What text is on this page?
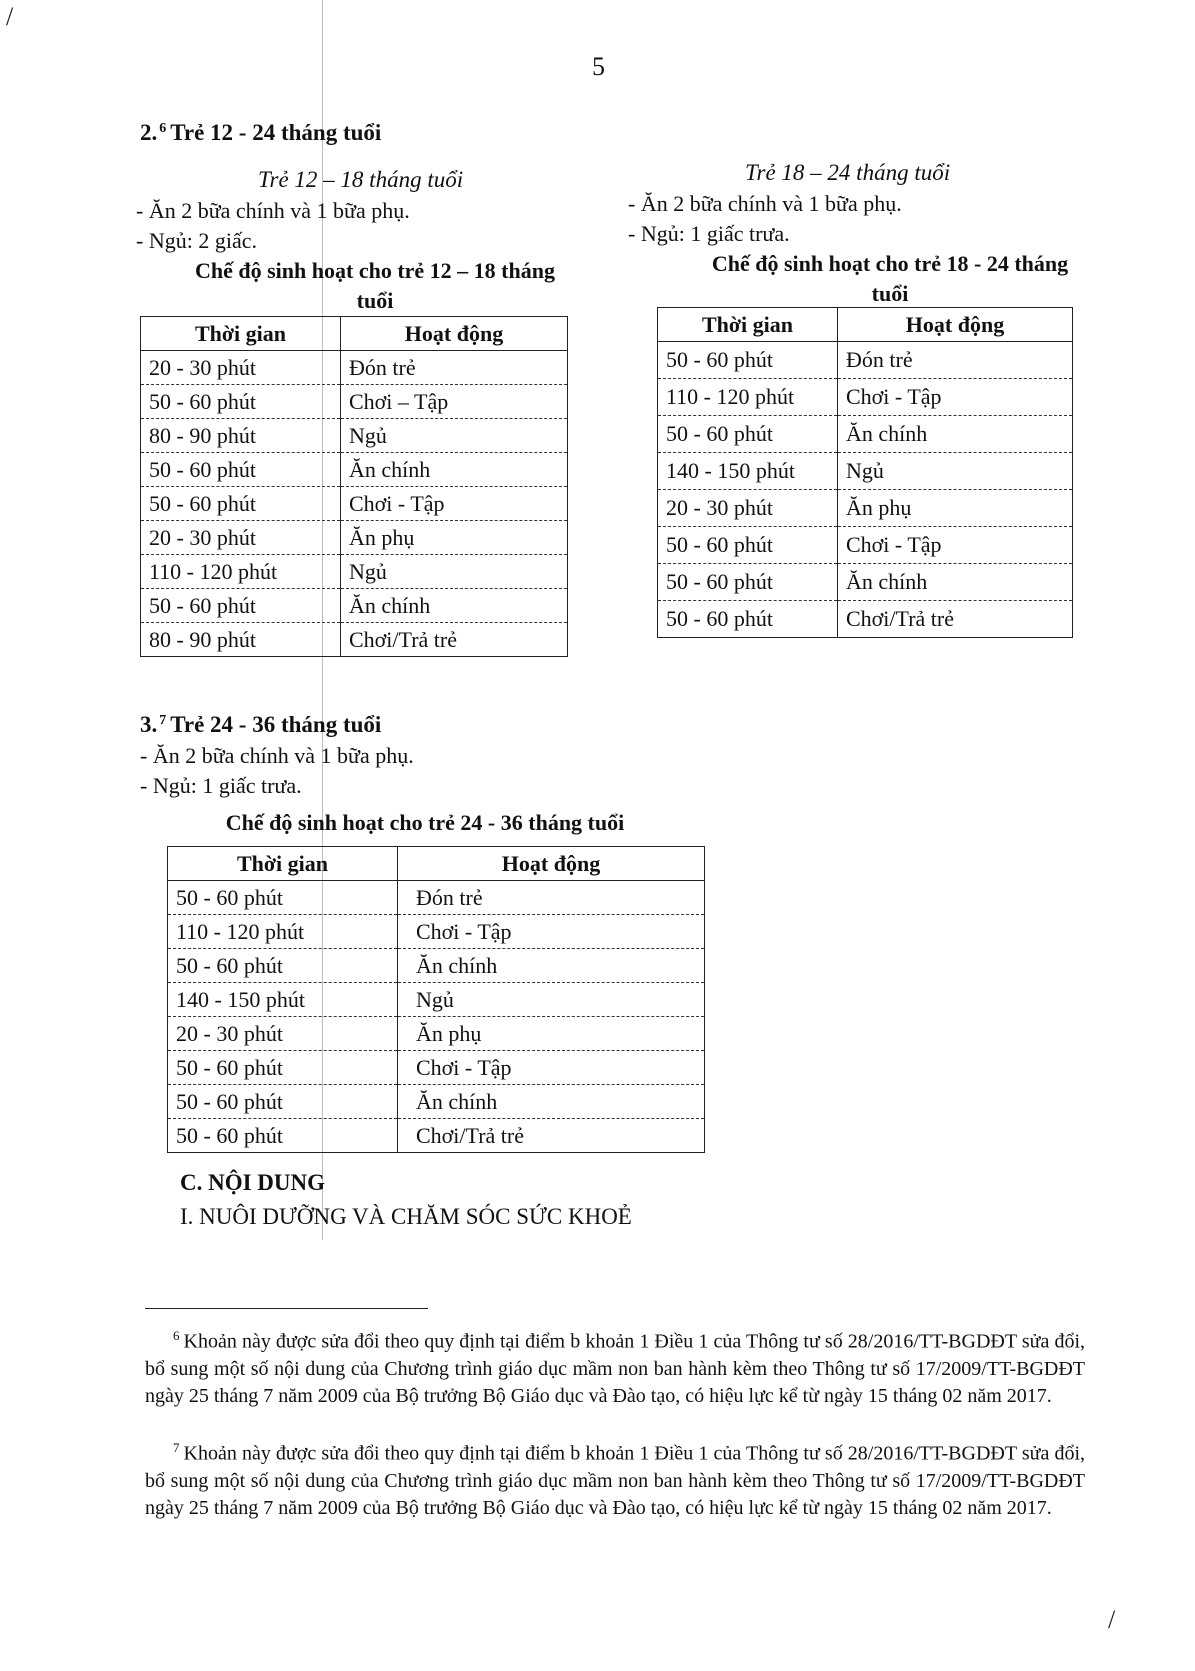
/
/
5
2. $^6$ Trẻ 12 - 24 tháng tuổi
Trẻ 12 – 18 tháng tuổi
- Ăn 2 bữa chính và 1 bữa phụ.
- Ngủ: 2 giấc.
Chế độ sinh hoạt cho trẻ 12 – 18 tháng tuổi
Thời gian	Hoạt động
20 - 30 phút	Đón trẻ
50 - 60 phút	Chơi – Tập
80 - 90 phút	Ngủ
50 - 60 phút	Ăn chính
50 - 60 phút	Chơi - Tập
20 - 30 phút	Ăn phụ
110 - 120 phút	Ngủ
50 - 60 phút	Ăn chính
80 - 90 phút	Chơi/Trả trẻ
Trẻ 18 – 24 tháng tuổi
- Ăn 2 bữa chính và 1 bữa phụ.
- Ngủ: 1 giấc trưa.
Chế độ sinh hoạt cho trẻ 18 - 24 tháng tuổi
Thời gian	Hoạt động
50 - 60 phút	Đón trẻ
110 - 120 phút	Chơi - Tập
50 - 60 phút	Ăn chính
140 - 150 phút	Ngủ
20 - 30 phút	Ăn phụ
50 - 60 phút	Chơi - Tập
50 - 60 phút	Ăn chính
50 - 60 phút	Chơi/Trả trẻ
3. $^7$ Trẻ 24 - 36 tháng tuổi
- Ăn 2 bữa chính và 1 bữa phụ.
- Ngủ: 1 giấc trưa.
Chế độ sinh hoạt cho trẻ 24 - 36 tháng tuổi
Thời gian	Hoạt động
50 - 60 phút	Đón trẻ
110 - 120 phút	Chơi - Tập
50 - 60 phút	Ăn chính
140 - 150 phút	Ngủ
20 - 30 phút	Ăn phụ
50 - 60 phút	Chơi - Tập
50 - 60 phút	Ăn chính
50 - 60 phút	Chơi/Trả trẻ
C. NỘI DUNG
I. NUÔI DƯỠNG VÀ CHĂM SÓC SỨC KHOẺ
$^6$ Khoản này được sửa đổi theo quy định tại điểm b khoản 1 Điều 1 của Thông tư số 28/2016/TT-BGDĐT sửa đổi, bổ sung một số nội dung của Chương trình giáo dục mầm non ban hành kèm theo Thông tư số 17/2009/TT-BGDĐT ngày 25 tháng 7 năm 2009 của Bộ trưởng Bộ Giáo dục và Đào tạo, có hiệu lực kể từ ngày 15 tháng 02 năm 2017.
$^7$ Khoản này được sửa đổi theo quy định tại điểm b khoản 1 Điều 1 của Thông tư số 28/2016/TT-BGDĐT sửa đổi, bổ sung một số nội dung của Chương trình giáo dục mầm non ban hành kèm theo Thông tư số 17/2009/TT-BGDĐT ngày 25 tháng 7 năm 2009 của Bộ trưởng Bộ Giáo dục và Đào tạo, có hiệu lực kể từ ngày 15 tháng 02 năm 2017.
